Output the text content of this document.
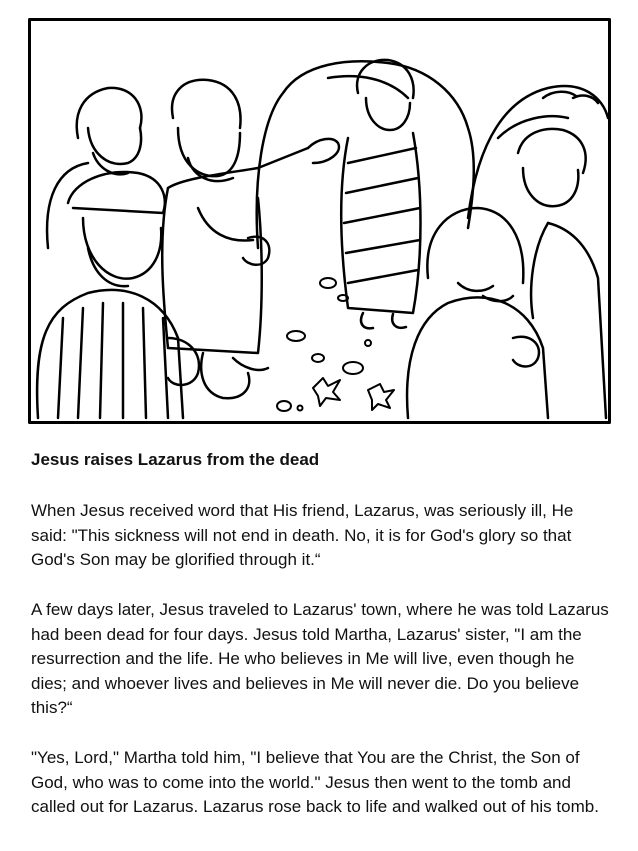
Jesus raises Lazarus from the dead

When Jesus received word that His friend, Lazarus, was seriously ill, He said: "This sickness will not end in death. No, it is for God's glory so that God's Son may be glorified through it.“

A few days later, Jesus traveled to Lazarus' town, where he was told Lazarus had been dead for four days. Jesus told Martha, Lazarus' sister, "I am the resurrection and the life. He who believes in Me will live, even though he dies; and whoever lives and believes in Me will never die. Do you believe this?“

"Yes, Lord," Martha told him, "I believe that You are the Christ, the Son of God, who was to come into the world." Jesus then went to the tomb and called out for Lazarus. Lazarus rose back to life and walked out of his tomb.
